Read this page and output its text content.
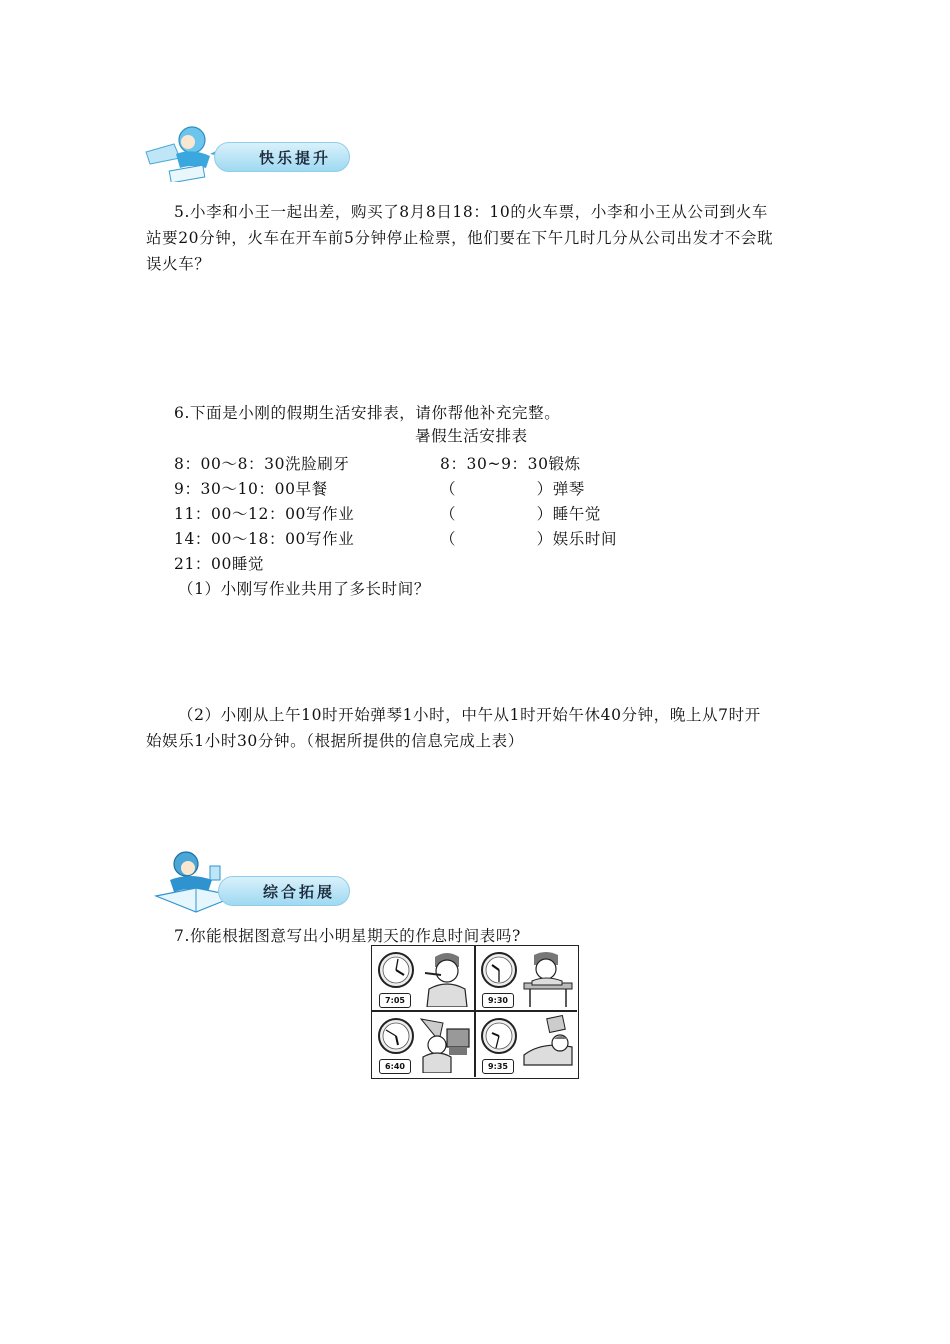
快乐提升
5.小李和小王一起出差，购买了8月8日18：10的火车票，小李和小王从公司到火车
站要20分钟，火车在开车前5分钟停止检票，他们要在下午几时几分从公司出发才不会耽
误火车？
6.下面是小刚的假期生活安排表，请你帮他补充完整。
暑假生活安排表
8：00～8：30洗脸刷牙
9：30～10：00早餐
11：00～12：00写作业
14：00～18：00写作业
21：00睡觉
8：30~9：30锻炼
（　　　　　）弹琴
（　　　　　）睡午觉
（　　　　　）娱乐时间
（1）小刚写作业共用了多长时间？
（2）小刚从上午10时开始弹琴1小时，中午从1时开始午休40分钟，晚上从7时开
始娱乐1小时30分钟。（根据所提供的信息完成上表）
综合拓展
7.你能根据图意写出小明星期天的作息时间表吗?
7:05	9:30
6:40	9:35
